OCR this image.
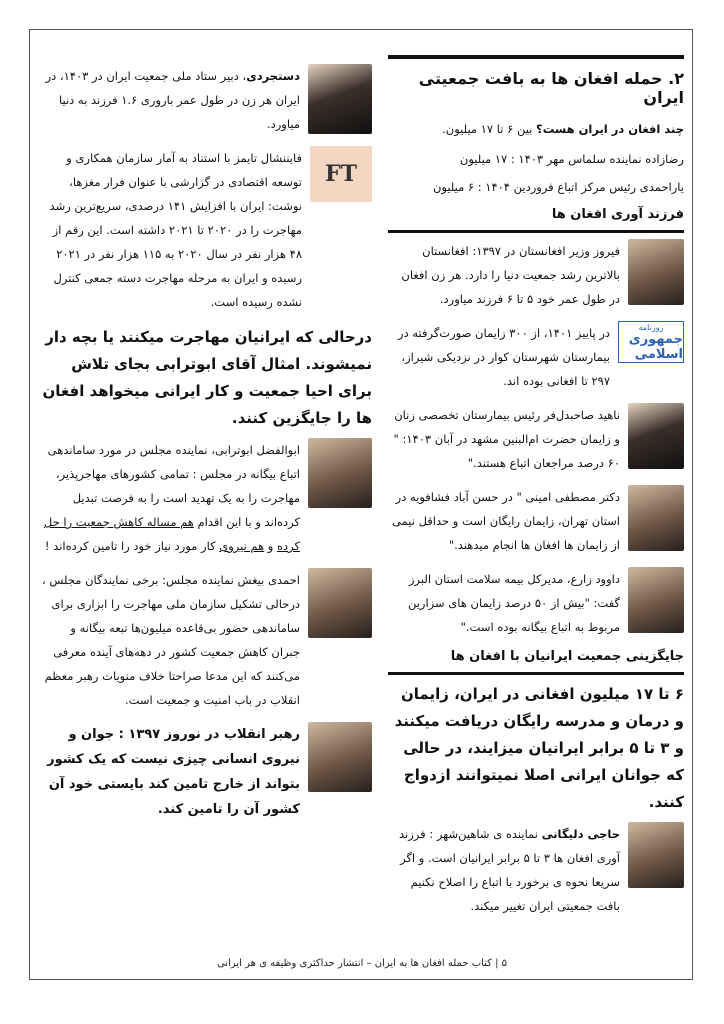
۲. حمله افغان ها به بافت جمعیتی ایران

چند افغان در ایران هست؟ بین ۶ تا ۱۷ میلیون.

رضازاده نماینده سلماس مهر ۱۴۰۳ : ۱۷ میلیون

یاراحمدی رئیس مرکز اتباع فروردین ۱۴۰۴ : ۶ میلیون

فرزند آوری افغان ها
فیروز وزیر افغانستان در ۱۳۹۷: افغانستان بالاترین رشد جمعیت دنیا را دارد. هر زن افغان در طول عمر خود ۵ تا ۶ فرزند میاورد.
روزنامه
جمهوری اسلامی
در پاییز ۱۴۰۱، از ۳۰۰ زایمان صورت‌گرفته در بیمارستان شهرستان کوار در نزدیکی شیراز، ۲۹۷ تا افغانی بوده اند.
ناهید صاحبدل‌فر رئیس بیمارستان تخصصی زنان و زایمان حضرت ام‌البنین مشهد در آبان ۱۴۰۳: " ۶۰ درصد مراجعان اتباع هستند."
دکتر مصطفی امینی " در حسن آباد فشافویه در استان تهران، زایمان رایگان است و حداقل نیمی از زایمان ها افغان ها انجام میدهند."
داوود زارع، مدیرکل بیمه سلامت استان البرز گفت: "بیش از ۵۰ درصد زایمان های سزارین مربوط به اتباع بیگانه بوده است."
جایگزینی جمعیت ایرانیان با افغان ها
۶ تا ۱۷ میلیون افغانی در ایران، زایمان و درمان و مدرسه رایگان دریافت میکنند و ۳ تا ۵ برابر ایرانیان میزایند، در حالی که جوانان ایرانی اصلا نمیتوانند ازدواج کنند.
حاجی دلیگانی نماینده ی شاهین‌شهر : فرزند آوری افغان ها ۳ تا ۵ برابر ایرانیان است. و اگر سریعا نحوه ی برخورد با اتباع را اصلاح نکنیم بافت جمعیتی ایران تغییر میکند.
دستجردی، دبیر ستاد ملی جمعیت ایران در ۱۴۰۳، در ایران هر زن در طول عمر باروری ۱.۶ فرزند به دنیا میاورد.
FT
فایننشال تایمز با استناد به آمار سازمان همکاری و توسعه اقتصادی در گزارشی با عنوان فرار مغزها، نوشت: ایران با افزایش ۱۴۱ درصدی، سریع‌ترین رشد مهاجرت را در ۲۰۲۰ تا ۲۰۲۱ داشته است. این رقم از ۴۸ هزار نفر در سال ۲۰۲۰ به ۱۱۵ هزار نفر در ۲۰۲۱ رسیده و ایران به مرحله مهاجرت دسته جمعی کنترل نشده رسیده است.
درحالی که ایرانیان مهاجرت میکنند یا بچه دار نمیشوند. امثال آقای ابوترابی بجای تلاش برای احیا جمعیت و کار ایرانی میخواهد افغان ها را جایگزین کنند.
ابوالفضل ابوترابی، نماینده مجلس در مورد ساماندهی اتباع بیگانه در مجلس : تمامی کشورهای مهاجرپذیر، مهاجرت را به یک تهدید است را به فرصت تبدیل کرده‌اند و با این اقدام هم مساله کاهش جمعیت را حل کرده و هم نیروی کار مورد نیاز خود را تامین کرده‌اند !
احمدی بیغش نماینده مجلس: برخی نمایندگان مجلس ، درحالی تشکیل سازمان ملی مهاجرت را ابزاری برای ساماندهی حضور بی‌قاعده میلیون‌ها تبعه بیگانه و جبران کاهش جمعیت کشور در دهه‌های آینده معرفی می‌کنند که این مدعا صراحتا خلاف منویات رهبر معظم انقلاب در باب امنیت و جمعیت است.
رهبر انقلاب در نوروز ۱۳۹۷ : جوان و نیروی انسانی چیزی نیست که یک کشور بتواند از خارج تامین کند بایستی خود آن کشور آن را تامین کند.
۵ | کتاب حمله افغان ها به ایران – انتشار حداکثری وظیفه ی هر ایرانی
